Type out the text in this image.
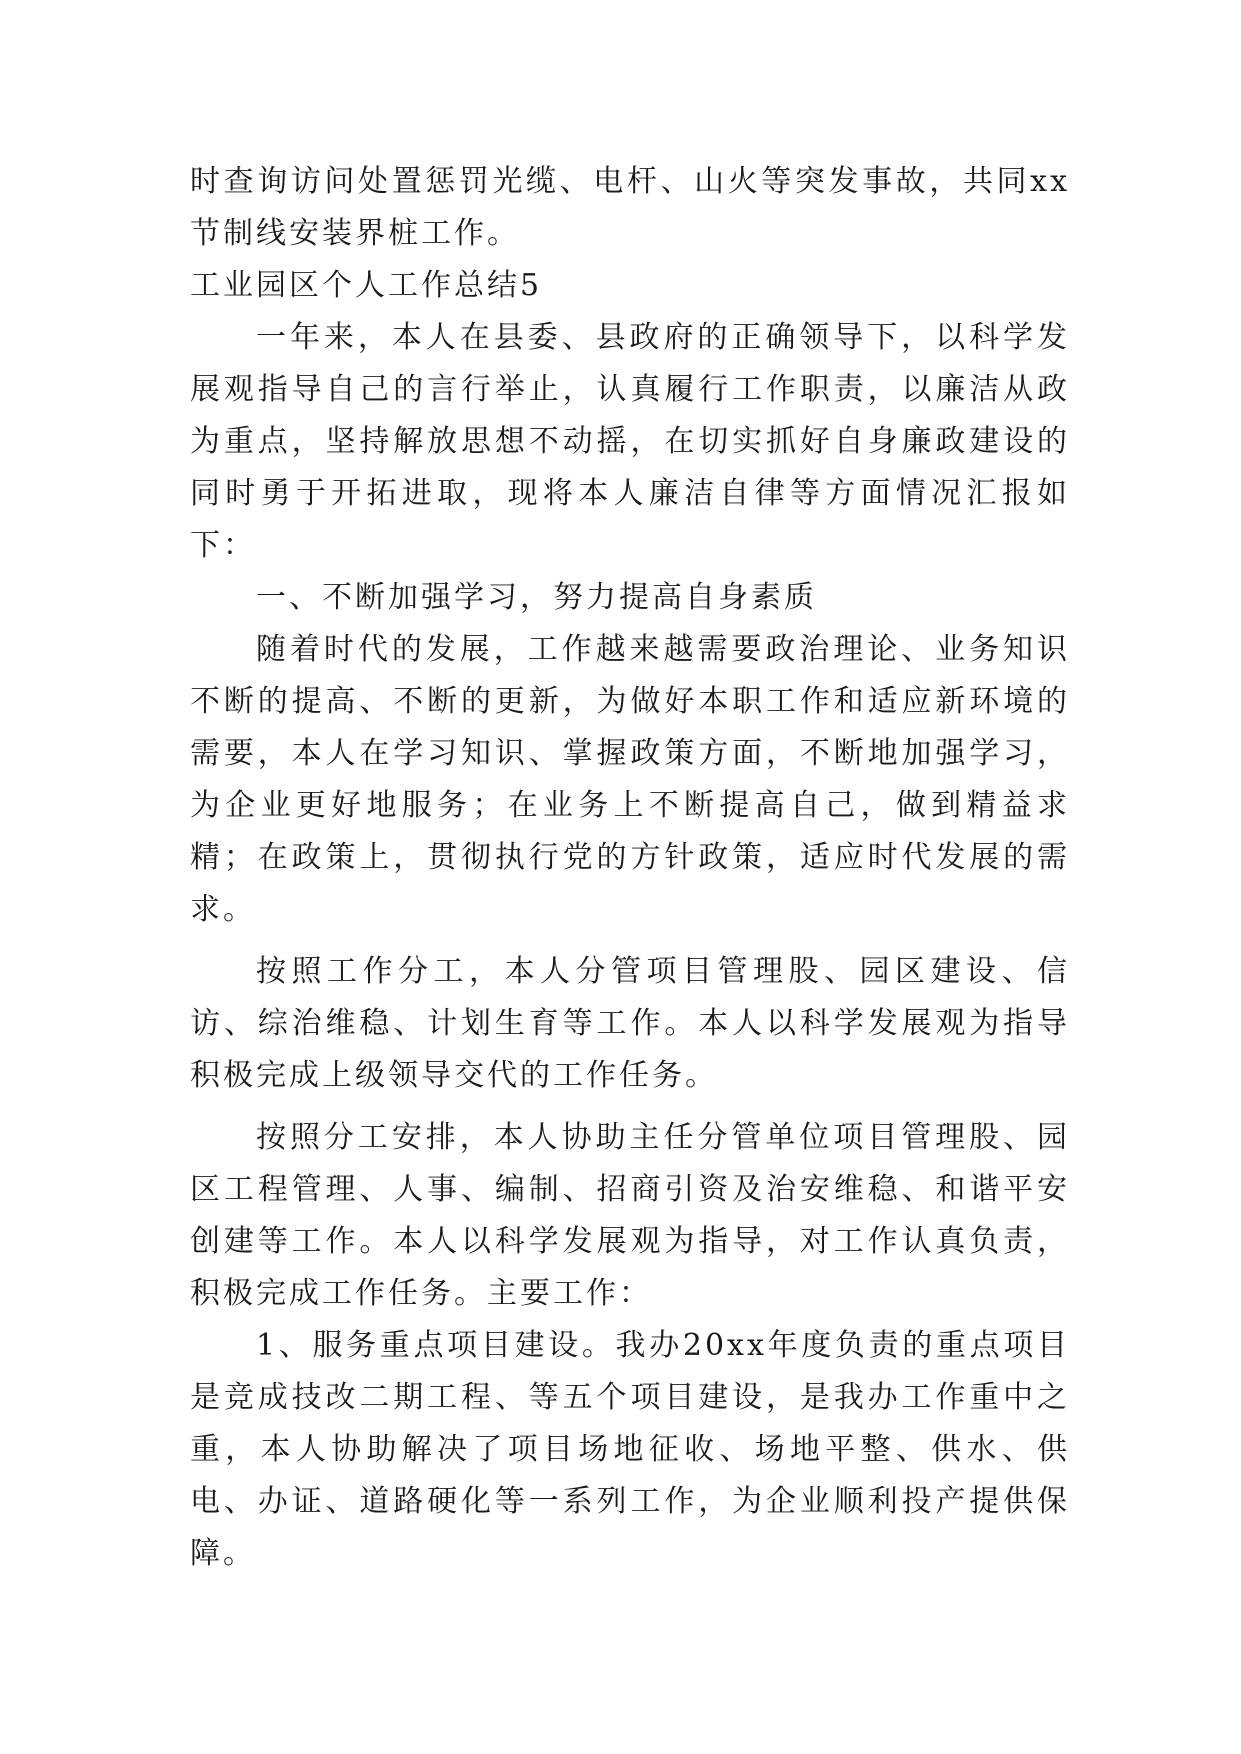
时查询访问处置惩罚光缆、电杆、山火等突发事故，共同xx节制线安装界桩工作。

工业园区个人工作总结5

一年来，本人在县委、县政府的正确领导下，以科学发展观指导自己的言行举止，认真履行工作职责，以廉洁从政为重点，坚持解放思想不动摇，在切实抓好自身廉政建设的同时勇于开拓进取，现将本人廉洁自律等方面情况汇报如下：

一、不断加强学习，努力提高自身素质

随着时代的发展，工作越来越需要政治理论、业务知识不断的提高、不断的更新，为做好本职工作和适应新环境的需要，本人在学习知识、掌握政策方面，不断地加强学习，为企业更好地服务；在业务上不断提高自己，做到精益求精；在政策上，贯彻执行党的方针政策，适应时代发展的需求。

按照工作分工，本人分管项目管理股、园区建设、信访、综治维稳、计划生育等工作。本人以科学发展观为指导积极完成上级领导交代的工作任务。

按照分工安排，本人协助主任分管单位项目管理股、园区工程管理、人事、编制、招商引资及治安维稳、和谐平安创建等工作。本人以科学发展观为指导，对工作认真负责，积极完成工作任务。主要工作：

1、服务重点项目建设。我办20xx年度负责的重点项目是竞成技改二期工程、等五个项目建设，是我办工作重中之重，本人协助解决了项目场地征收、场地平整、供水、供电、办证、道路硬化等一系列工作，为企业顺利投产提供保障。
